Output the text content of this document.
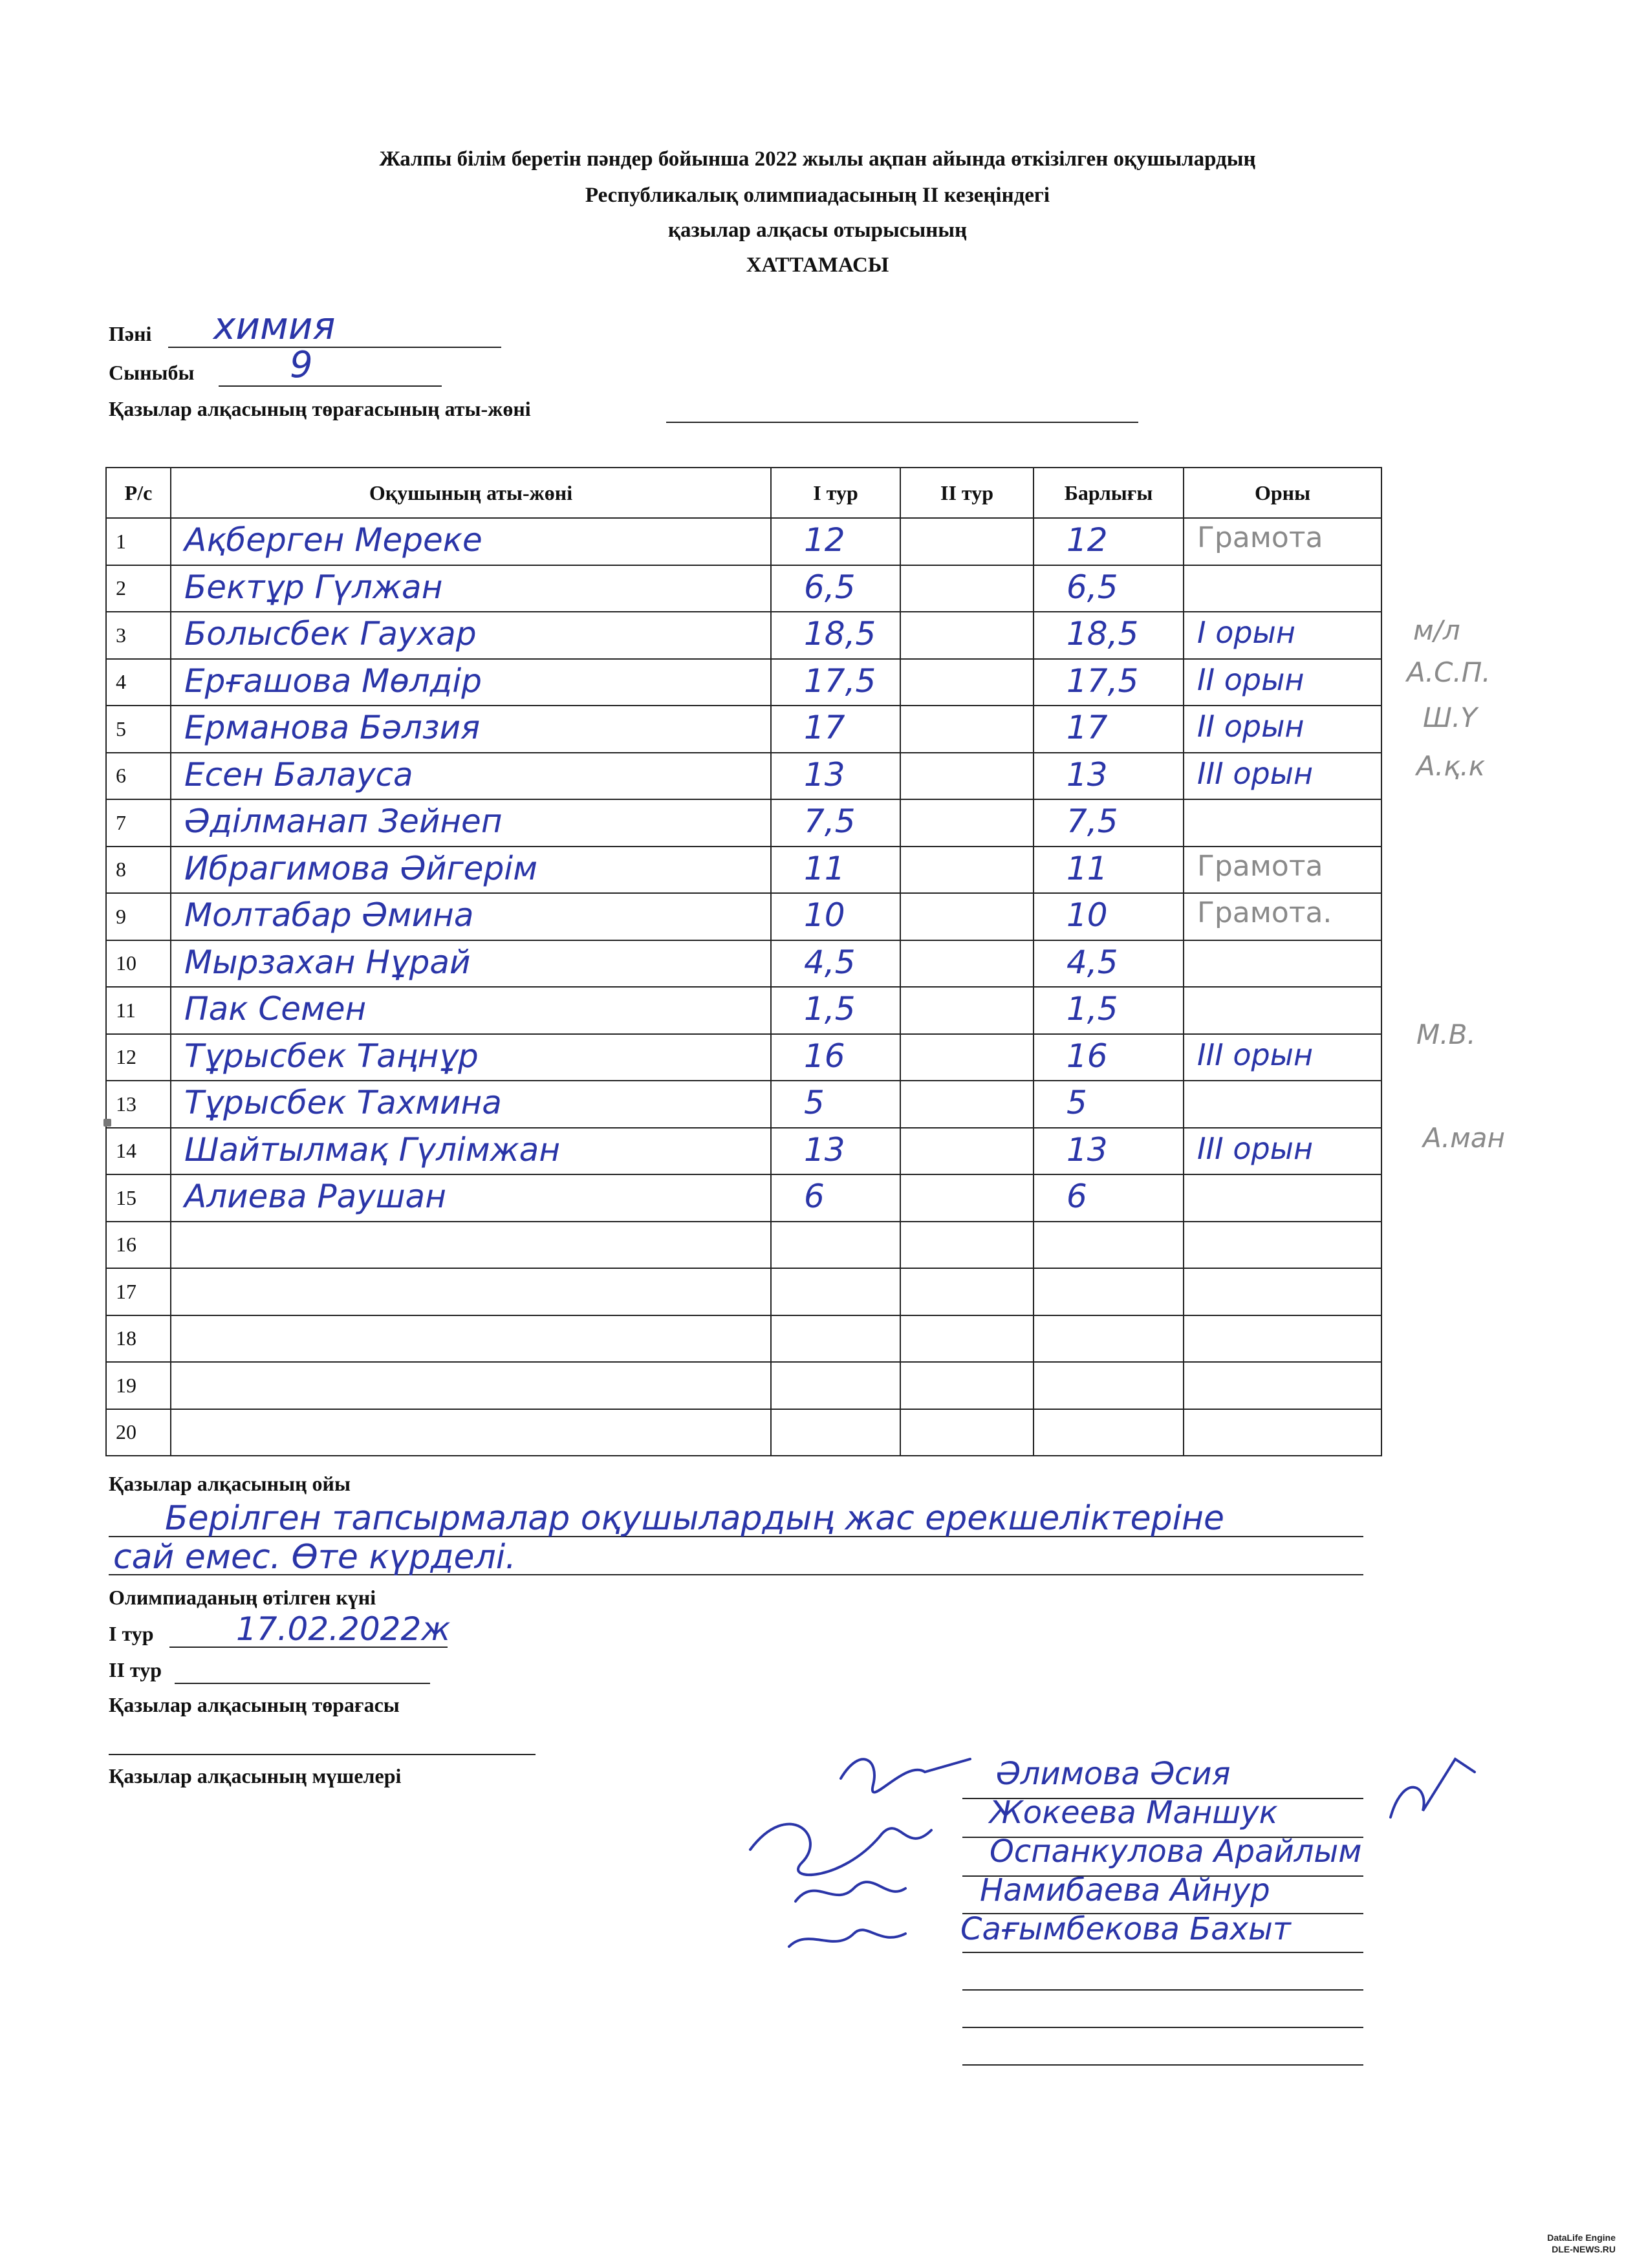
Жалпы білім беретін пәндер бойынша 2022 жылы ақпан айында өткізілген оқушылардың
Республикалық олимпиадасының ІІ кезеңіндегі
қазылар алқасы отырысының
ХАТТАМАСЫ
Пәні химия
Сыныбы	9
Қазылар алқасының төрағасының аты-жөні
Р/с	Оқушының аты-жөні	І тур	ІІ тур	Барлығы	Орны
1	Ақберген Мереке	12		12	Грамота

2	Бектұр Гүлжан	6,5		6,5	

3	Болысбек Гаухар	18,5		18,5	І орын

4	Ерғашова Мөлдір	17,5		17,5	ІІ орын

5	Ерманова Бәлзия	17		17	ІІ орын

6	Есен Балауса	13		13	ІІІ орын

7	Әділманап Зейнеп	7,5		7,5	

8	Ибрагимова Әйгерім	11		11	Грамота

9	Молтабар Әмина	10		10	Грамота.

10	Мырзахан Нұрай	4,5		4,5	

11	Пак Семен	1,5		1,5	

12	Тұрысбек Таңнұр	16		16	ІІІ орын

13	Тұрысбек Тахмина	5		5	

14	Шайтылмақ Гүлімжан	13		13	ІІІ орын

15	Алиева Раушан	6		6	

16	

17	

18	

19	

20	

м/л
А.С.П.
Ш.Ү
А.қ.к
М.В.
А.ман
Қазылар алқасының ойы
Берілген тапсырмалар оқушылардың жас ерекшеліктеріне
сай емес. Өте күрделі.
Олимпиаданың өтілген күні
І тур	17.02.2022ж
ІІ тур
Қазылар алқасының төрағасы
Қазылар алқасының мүшелері	Әлимова Әсия
Жокеева Маншук
Оспанкулова Арайлым
Намибаева Айнур
Сағымбекова Бахыт
DataLife Engine
DLE-NEWS.RU
